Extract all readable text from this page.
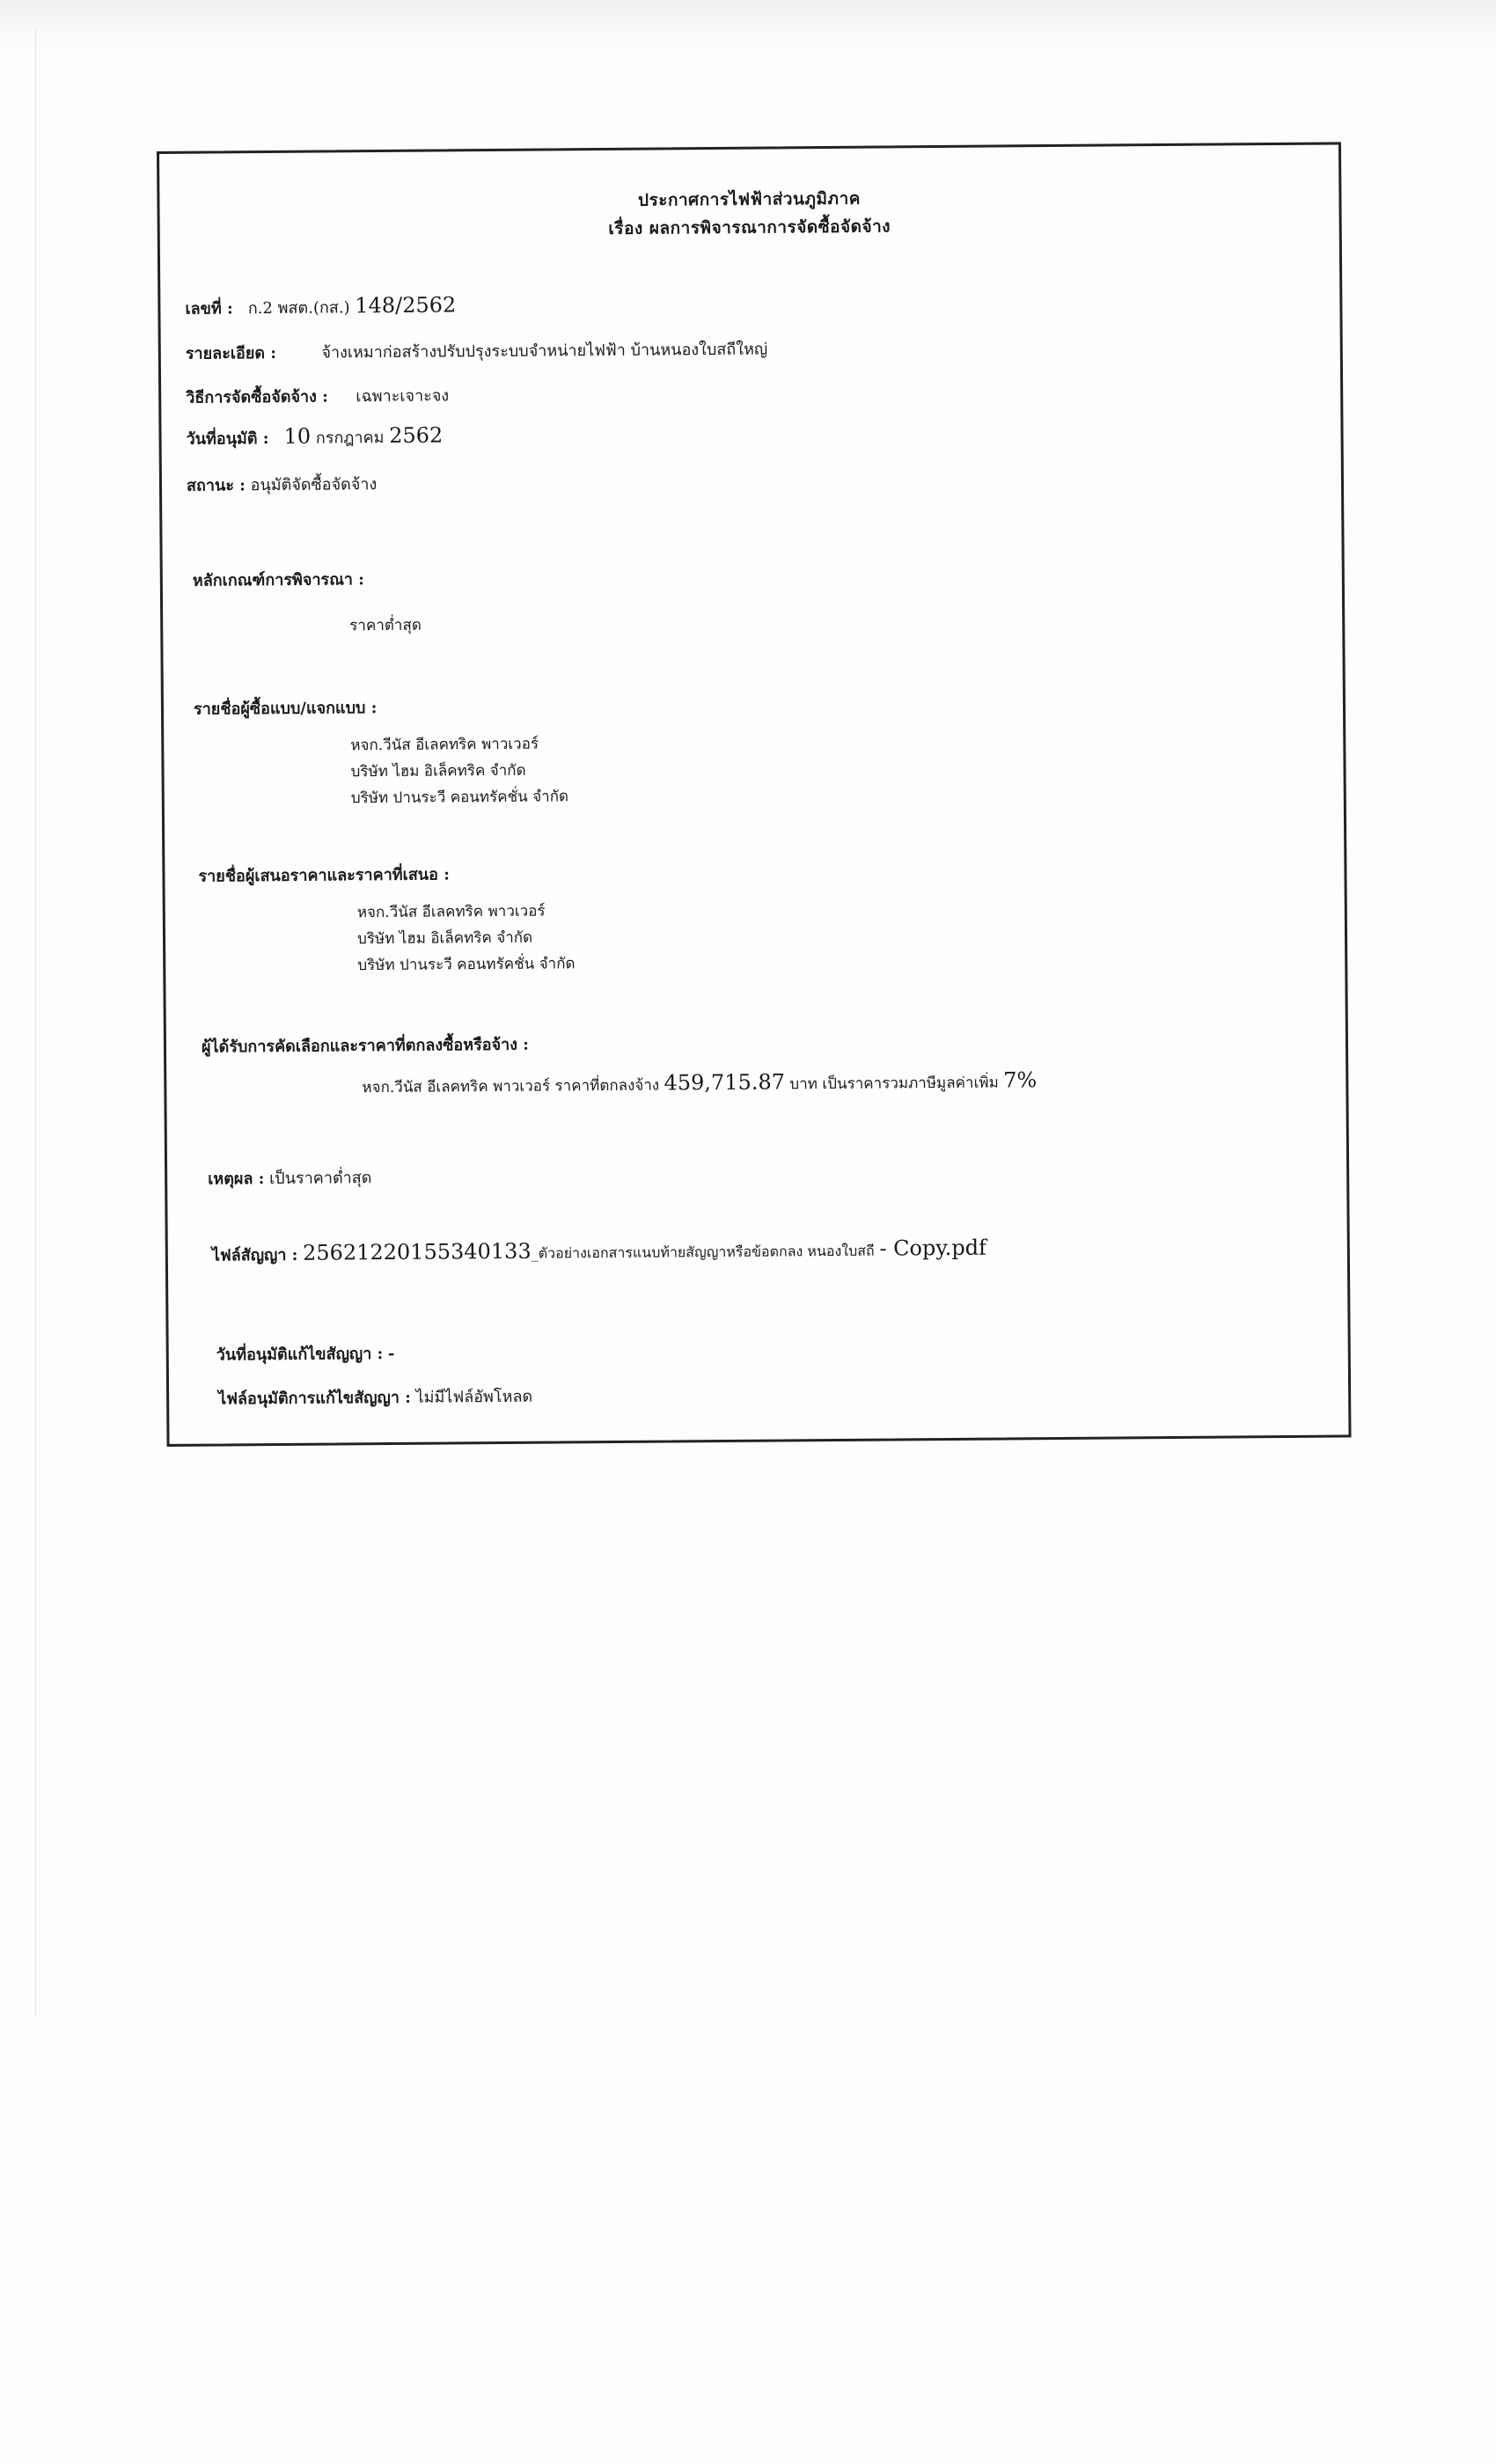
ประกาศการไฟฟ้าส่วนภูมิภาค
เรื่อง ผลการพิจารณาการจัดซื้อจัดจ้าง
เลขที่ : ก.2 พสต.(กส.) 148/2562
รายละเอียด :	จ้างเหมาก่อสร้างปรับปรุงระบบจำหน่ายไฟฟ้า บ้านหนองใบสถีใหญ่
วิธีการจัดซื้อจัดจ้าง : เฉพาะเจาะจง
วันที่อนุมัติ : 10 กรกฎาคม 2562
สถานะ : อนุมัติจัดซื้อจัดจ้าง
หลักเกณฑ์การพิจารณา :
ราคาต่ำสุด
รายชื่อผู้ซื้อแบบ/แจกแบบ :
หจก.วีนัส อีเลคทริค พาวเวอร์
บริษัท ไฮม อิเล็คทริค จำกัด
บริษัท ปานระวี คอนทรัคชั่น จำกัด
รายชื่อผู้เสนอราคาและราคาที่เสนอ :
หจก.วีนัส อีเลคทริค พาวเวอร์
บริษัท ไฮม อิเล็คทริค จำกัด
บริษัท ปานระวี คอนทรัคชั่น จำกัด
ผู้ได้รับการคัดเลือกและราคาที่ตกลงซื้อหรือจ้าง :
หจก.วีนัส อีเลคทริค พาวเวอร์ ราคาที่ตกลงจ้าง 459,715.87 บาท เป็นราคารวมภาษีมูลค่าเพิ่ม 7%
เหตุผล : เป็นราคาต่ำสุด
ไฟล์สัญญา : 25621220155340133_ตัวอย่างเอกสารแนบท้ายสัญญาหรือข้อตกลง หนองใบสถี - Copy.pdf
วันที่อนุมัติแก้ไขสัญญา : -
ไฟล์อนุมัติการแก้ไขสัญญา : ไม่มีไฟล์อัพโหลด
